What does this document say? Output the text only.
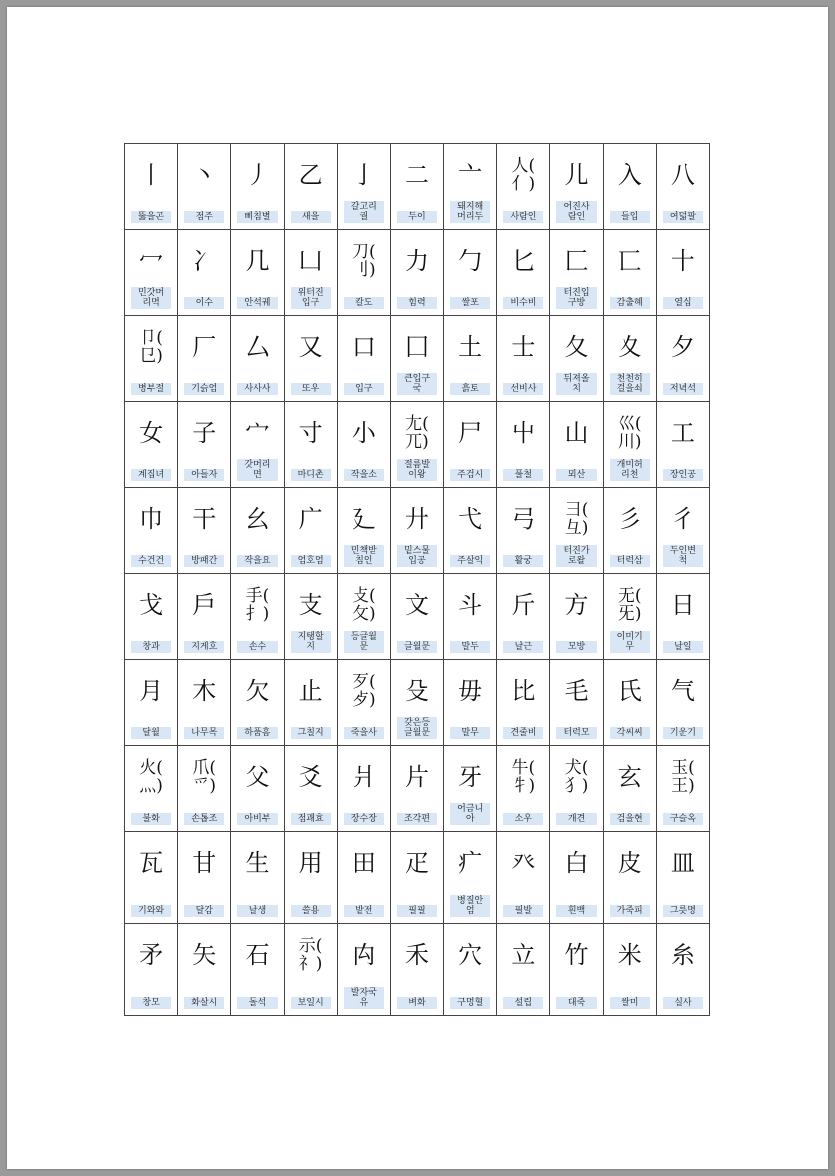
丨
뚫을곤
丶
점주
丿
삐침별
乙
새을
亅
갈고리
궐
二
두이
亠
돼지해
머리두
人(
亻)
사람인
儿
어진사
람인
入
들입
八
여덟팔
冖
민갓머
리멱
冫
이수
几
안석궤
凵
위터진
입구
刀(
刂)
칼도
力
힘력
勹
쌀포
匕
비수비
匚
터진입
구방
匸
감출혜
十
열십
卩(
㔾)
병부절
厂
기슭엄
厶
사사사
又
또우
口
입구
囗
큰입구
국
土
흙토
士
선비사
夂
뒤져올
치
夊
천천히
걸을쇠
夕
저녁석
女
계집녀
子
아들자
宀
갓머리
면
寸
마디촌
小
작을소
尢(
兀)
절름발
이왕
尸
주검시
屮
풀철
山
뫼산
巛(
川)
개미허
리천
工
장인공
巾
수건건
干
방패간
幺
작을요
广
엄호엄
廴
민책받
침인
廾
밑스물
입공
弋
주살익
弓
활궁
彐(
彑)
터진가
로왈
彡
터럭삼
彳
두인변
척
戈
창과
戶
지게호
手(
扌)
손수
支
지탱할
지
攴(
攵)
등글월
문
文
글월문
斗
말두
斤
날근
方
모방
无(
旡)
이미기
무
日
날일
月
달월
木
나무목
欠
하품흠
止
그칠지
歹(
歺)
죽을사
殳
갖은등
글월문
毋
말무
比
견줄비
毛
터럭모
氏
각씨씨
气
기운기
火(
灬)
불화
爪(
爫)
손톱조
父
아비부
爻
점괘효
爿
장수장
片
조각편
牙
어금니
아
牛(
牜)
소우
犬(
犭)
개견
玄
검을현
玉(
王)
구슬옥
瓦
기와와
甘
달감
生
날생
用
쓸용
田
밭전
疋
필필
疒
병질안
엄
癶
필발
白
흰백
皮
가죽피
皿
그릇명
矛
창모
矢
화살시
石
돌석
示(
礻)
보일시
禸
발자국
유
禾
벼화
穴
구멍혈
立
설립
竹
대죽
米
쌀미
糸
실사
